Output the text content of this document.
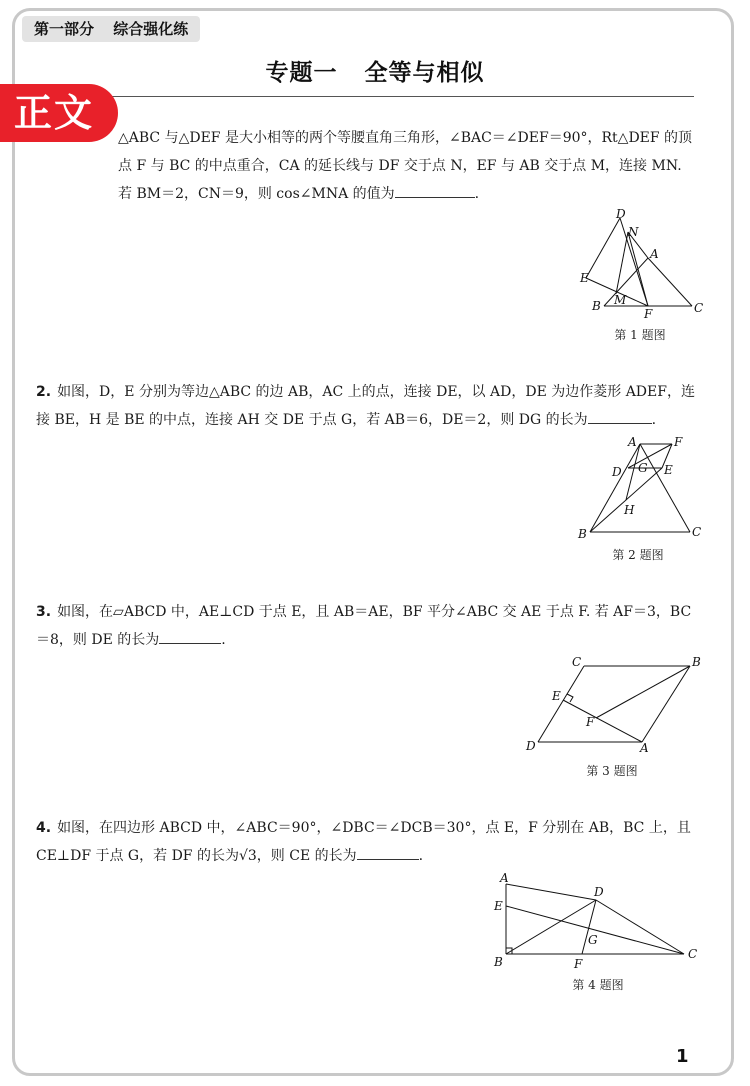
第一部分 综合强化练
专题一 全等与相似
正文
△ABC 与△DEF 是大小相等的两个等腰直角三角形，∠BAC＝∠DEF＝90°，Rt△DEF 的顶点 F 与 BC 的中点重合，CA 的延长线与 DF 交于点 N，EF 与 AB 交于点 M，连接 MN. 若 BM＝2，CN＝9，则 cos∠MNA 的值为	.
D
N
A
E
B M
F	C
第 1 题图
2. 如图，D，E 分别为等边△ABC 的边 AB，AC 上的点，连接 DE，以 AD，DE 为边作菱形 ADEF，连接 BE，H 是 BE 的中点，连接 AH 交 DE 于点 G，若 AB＝6，DE＝2，则 DG 的长为	.
A	F
D G E
H
B	C
第 2 题图
3. 如图，在▱ABCD 中，AE⊥CD 于点 E，且 AB＝AE，BF 平分∠ABC 交 AE 于点 F. 若 AF＝3，BC＝8，则 DE 的长为	.
C	B
E
F
D	A
第 3 题图
4. 如图，在四边形 ABCD 中，∠ABC＝90°，∠DBC＝∠DCB＝30°，点 E，F 分别在 AB，BC 上，且 CE⊥DF 于点 G，若 DF 的长为√3，则 CE 的长为	.
A
D
E
G
B	F
C
第 4 题图
1
